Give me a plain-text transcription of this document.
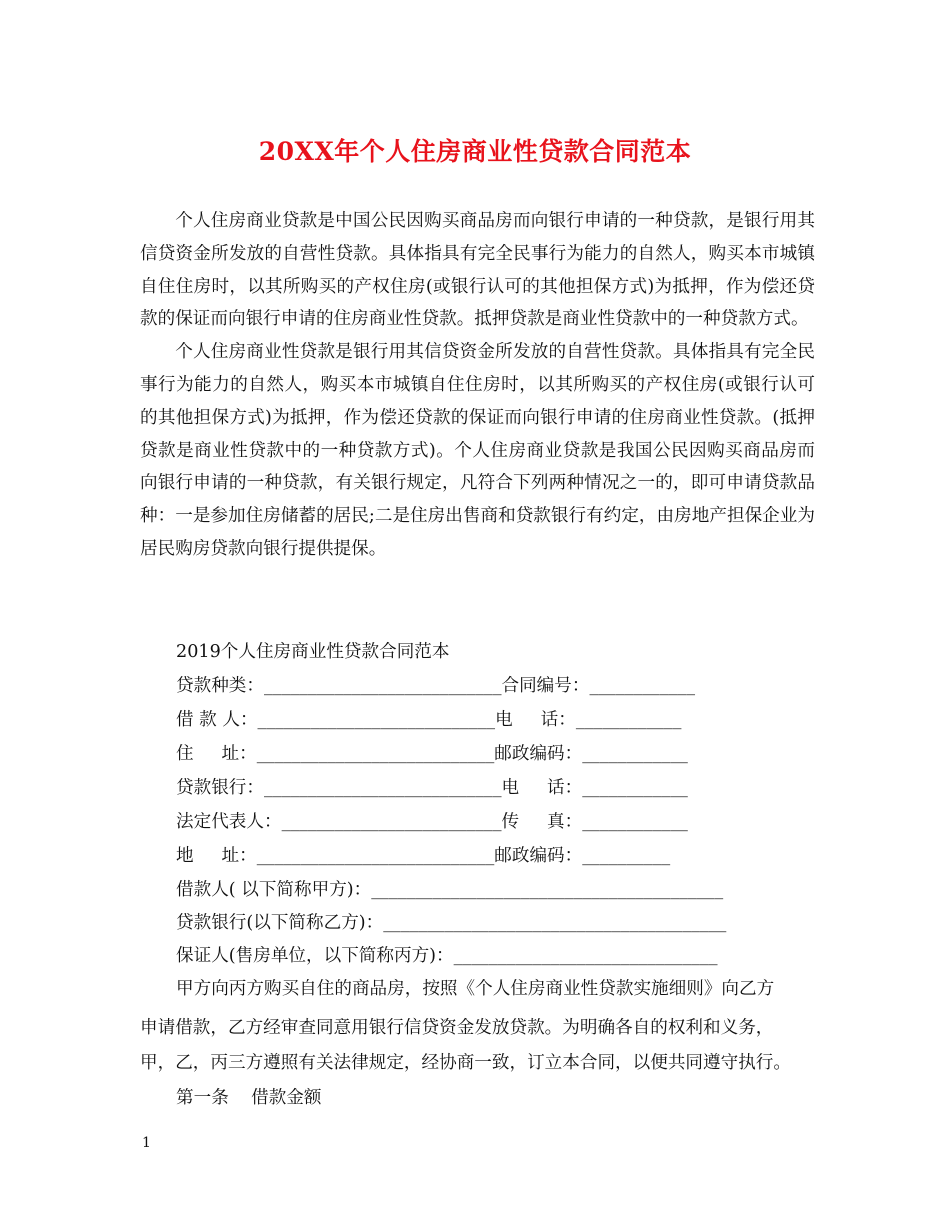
20XX年个人住房商业性贷款合同范本

个人住房商业贷款是中国公民因购买商品房而向银行申请的一种贷款，是银行用其信贷资金所发放的自营性贷款。具体指具有完全民事行为能力的自然人，购买本市城镇自住住房时，以其所购买的产权住房(或银行认可的其他担保方式)为抵押，作为偿还贷款的保证而向银行申请的住房商业性贷款。抵押贷款是商业性贷款中的一种贷款方式。

个人住房商业性贷款是银行用其信贷资金所发放的自营性贷款。具体指具有完全民事行为能力的自然人，购买本市城镇自住住房时，以其所购买的产权住房(或银行认可的其他担保方式)为抵押，作为偿还贷款的保证而向银行申请的住房商业性贷款。(抵押贷款是商业性贷款中的一种贷款方式)。个人住房商业贷款是我国公民因购买商品房而向银行申请的一种贷款，有关银行规定，凡符合下列两种情况之一的，即可申请贷款品种：一是参加住房储蓄的居民;二是住房出售商和贷款银行有约定，由房地产担保企业为居民购房贷款向银行提供提保。

2019个人住房商业性贷款合同范本
贷款种类：___________________________合同编号：____________
借 款 人：___________________________电     话：____________
住     址：___________________________邮政编码：____________
贷款银行：___________________________电     话：____________
法定代表人：_________________________传     真：____________
地     址：___________________________邮政编码：__________
借款人( 以下简称甲方)：________________________________________
贷款银行(以下简称乙方)：_______________________________________
保证人(售房单位，以下简称丙方)：______________________________
甲方向丙方购买自住的商品房，按照《个人住房商业性贷款实施细则》向乙方
申请借款，乙方经审查同意用银行信贷资金发放贷款。为明确各自的权利和义务，
甲，乙，丙三方遵照有关法律规定，经协商一致，订立本合同，以便共同遵守执行。
第一条    借款金额
1
